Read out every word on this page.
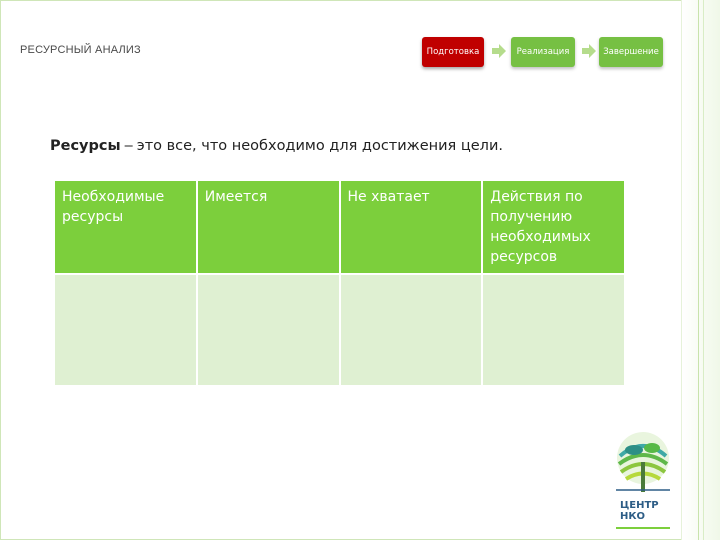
РЕСУРСНЫЙ АНАЛИЗ	Подготовка	Реализация	Завершение
Ресурсы – это все, что необходимо для достижения цели.
Необходимые ресурсы	Имеется	Не хватает	Действия по получению необходимых ресурсов

ЦЕНТР
НКО
